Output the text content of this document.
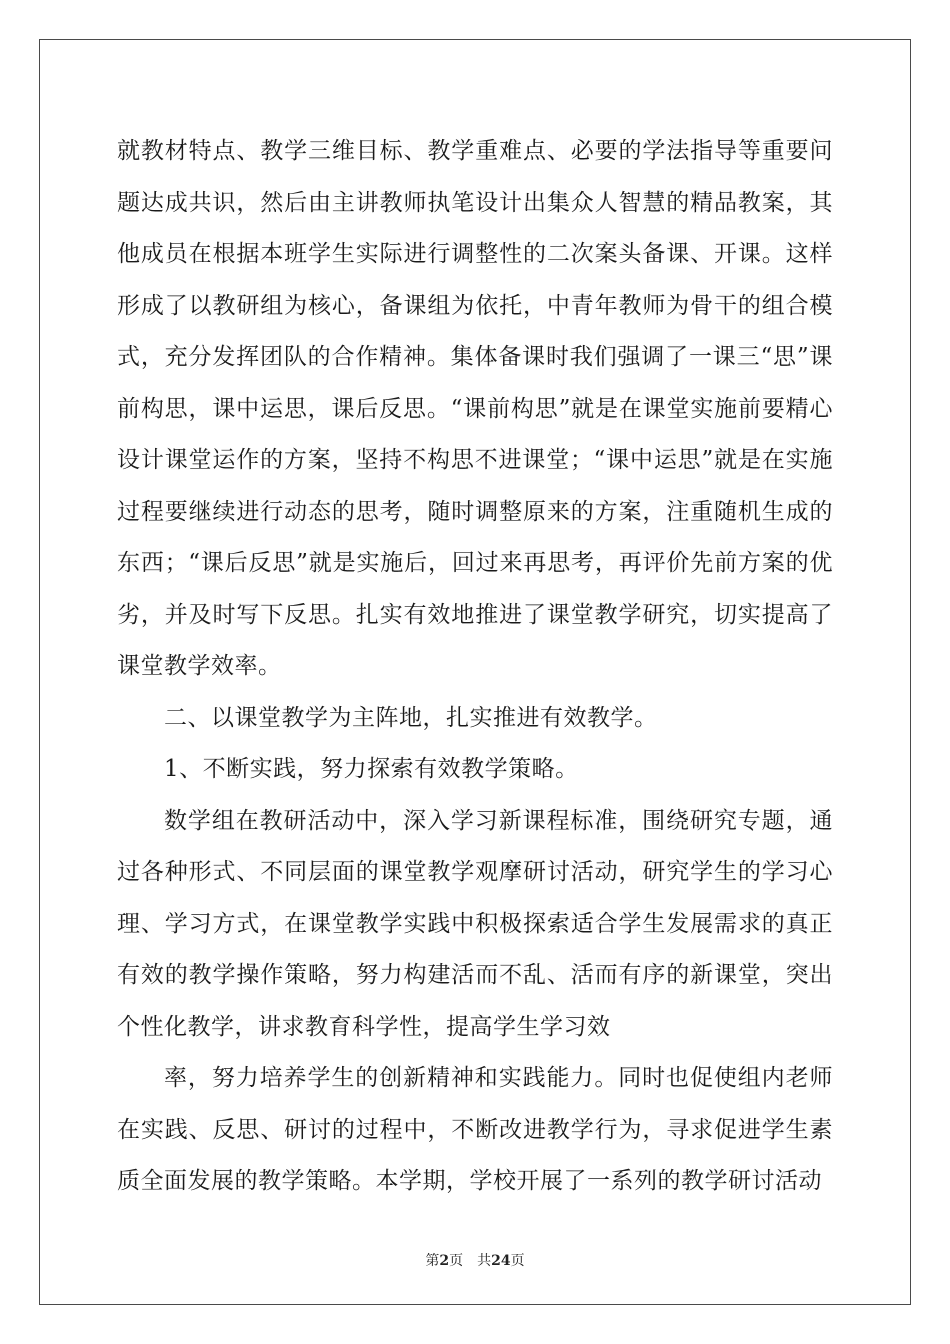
就教材特点、教学三维目标、教学重难点、必要的学法指导等重要问题达成共识，然后由主讲教师执笔设计出集众人智慧的精品教案，其他成员在根据本班学生实际进行调整性的二次案头备课、开课。这样形成了以教研组为核心，备课组为依托，中青年教师为骨干的组合模式，充分发挥团队的合作精神。集体备课时我们强调了一课三“思”课前构思，课中运思，课后反思。“课前构思”就是在课堂实施前要精心设计课堂运作的方案，坚持不构思不进课堂；“课中运思”就是在实施过程要继续进行动态的思考，随时调整原来的方案，注重随机生成的东西；“课后反思”就是实施后，回过来再思考，再评价先前方案的优劣，并及时写下反思。扎实有效地推进了课堂教学研究，切实提高了课堂教学效率。

二、以课堂教学为主阵地，扎实推进有效教学。

1、不断实践，努力探索有效教学策略。

数学组在教研活动中，深入学习新课程标准，围绕研究专题，通过各种形式、不同层面的课堂教学观摩研讨活动，研究学生的学习心理、学习方式，在课堂教学实践中积极探索适合学生发展需求的真正有效的教学操作策略，努力构建活而不乱、活而有序的新课堂，突出个性化教学，讲求教育科学性，提高学生学习效

率，努力培养学生的创新精神和实践能力。同时也促使组内老师在实践、反思、研讨的过程中，不断改进教学行为，寻求促进学生素质全面发展的教学策略。本学期，学校开展了一系列的教学研讨活动

第2页 共24页
